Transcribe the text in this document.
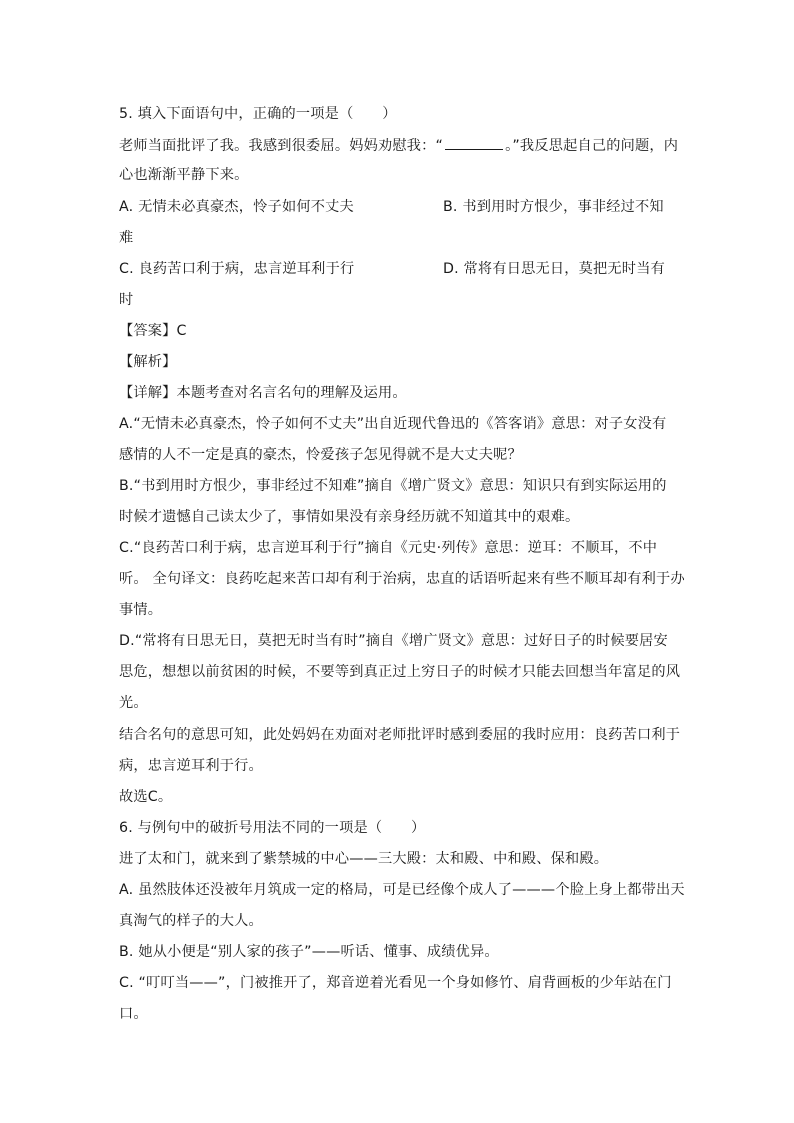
5. 填入下面语句中，正确的一项是（　　）
老师当面批评了我。我感到很委屈。妈妈劝慰我：“	。”我反思起自己的问题，内
心也渐渐平静下来。
A. 无情未必真豪杰，怜子如何不丈夫	B. 书到用时方恨少，事非经过不知
难
C. 良药苦口利于病，忠言逆耳利于行	D. 常将有日思无日，莫把无时当有
时
【答案】C
【解析】
【详解】本题考查对名言名句的理解及运用。
A.“无情未必真豪杰，怜子如何不丈夫”出自近现代鲁迅的《答客诮》意思：对子女没有
感情的人不一定是真的豪杰，怜爱孩子怎见得就不是大丈夫呢？
B.“书到用时方恨少，事非经过不知难”摘自《增广贤文》意思：知识只有到实际运用的
时候才遗憾自己读太少了，事情如果没有亲身经历就不知道其中的艰难。
C.“良药苦口利于病，忠言逆耳利于行”摘自《元史·列传》意思：逆耳：不顺耳，不中
听。 全句译文：良药吃起来苦口却有利于治病，忠直的话语听起来有些不顺耳却有利于办
事情。
D.“常将有日思无日，莫把无时当有时”摘自《增广贤文》意思：过好日子的时候要居安
思危，想想以前贫困的时候，不要等到真正过上穷日子的时候才只能去回想当年富足的风
光。
结合名句的意思可知，此处妈妈在劝面对老师批评时感到委屈的我时应用：良药苦口利于
病，忠言逆耳利于行。
故选C。
6. 与例句中的破折号用法不同的一项是（　　）
进了太和门，就来到了紫禁城的中心——三大殿：太和殿、中和殿、保和殿。
A. 虽然肢体还没被年月筑成一定的格局，可是已经像个成人了———个脸上身上都带出天
真淘气的样子的大人。
B. 她从小便是“别人家的孩子”——听话、懂事、成绩优异。
C. “叮叮当——”，门被推开了，郑音逆着光看见一个身如修竹、肩背画板的少年站在门
口。
